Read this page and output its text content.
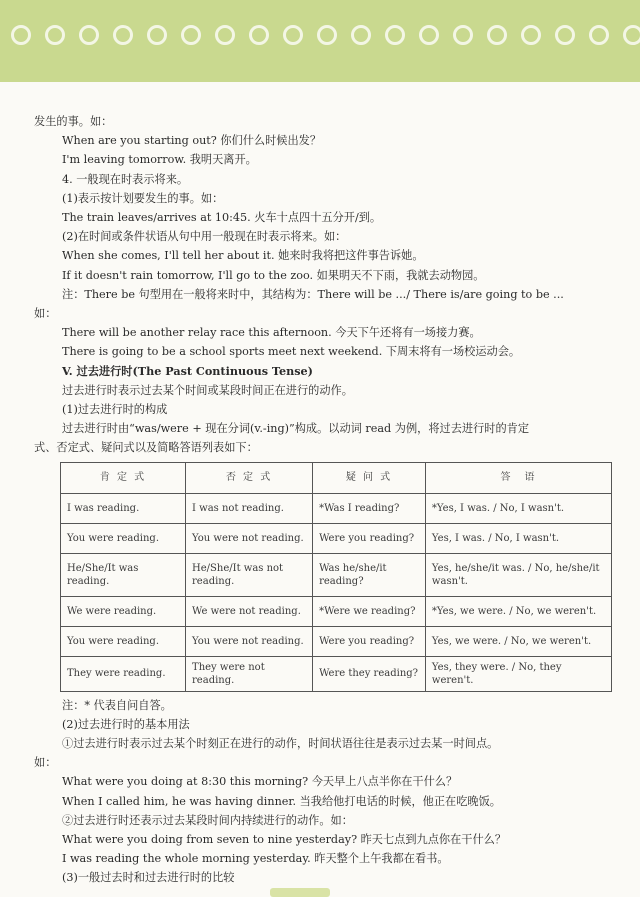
发生的事。如：
When are you starting out? 你们什么时候出发？
I'm leaving tomorrow. 我明天离开。
4. 一般现在时表示将来。
(1)表示按计划要发生的事。如：
The train leaves/arrives at 10:45. 火车十点四十五分开/到。
(2)在时间或条件状语从句中用一般现在时表示将来。如：
When she comes, I'll tell her about it. 她来时我将把这件事告诉她。
If it doesn't rain tomorrow, I'll go to the zoo. 如果明天不下雨，我就去动物园。
注：There be 句型用在一般将来时中，其结构为：There will be .../ There is/are going to be ...
如：
There will be another relay race this afternoon. 今天下午还将有一场接力赛。
There is going to be a school sports meet next weekend. 下周末将有一场校运动会。
V. 过去进行时(The Past Continuous Tense)
过去进行时表示过去某个时间或某段时间正在进行的动作。
(1)过去进行时的构成
过去进行时由“was/were + 现在分词(v.-ing)”构成。以动词 read 为例，将过去进行时的肯定
式、否定式、疑问式以及简略答语列表如下：
肯 定 式	否 定 式	疑 问 式	答　语
I was reading.	I was not reading.	*Was I reading?	*Yes, I was. / No, I wasn't.
You were reading.	You were not reading.	Were you reading?	Yes, I was. / No, I wasn't.
He/She/It was reading.	He/She/It was not reading.	Was he/she/it reading?	Yes, he/she/it was. / No, he/she/it wasn't.
We were reading.	We were not reading.	*Were we reading?	*Yes, we were. / No, we weren't.
You were reading.	You were not reading.	Were you reading?	Yes, we were. / No, we weren't.
They were reading.	They were not reading.	Were they reading?	Yes, they were. / No, they weren't.
注：* 代表自问自答。
(2)过去进行时的基本用法
①过去进行时表示过去某个时刻正在进行的动作，时间状语往往是表示过去某一时间点。
如：
What were you doing at 8:30 this morning? 今天早上八点半你在干什么？
When I called him, he was having dinner. 当我给他打电话的时候，他正在吃晚饭。
②过去进行时还表示过去某段时间内持续进行的动作。如：
What were you doing from seven to nine yesterday? 昨天七点到九点你在干什么？
I was reading the whole morning yesterday. 昨天整个上午我都在看书。
(3)一般过去时和过去进行时的比较
